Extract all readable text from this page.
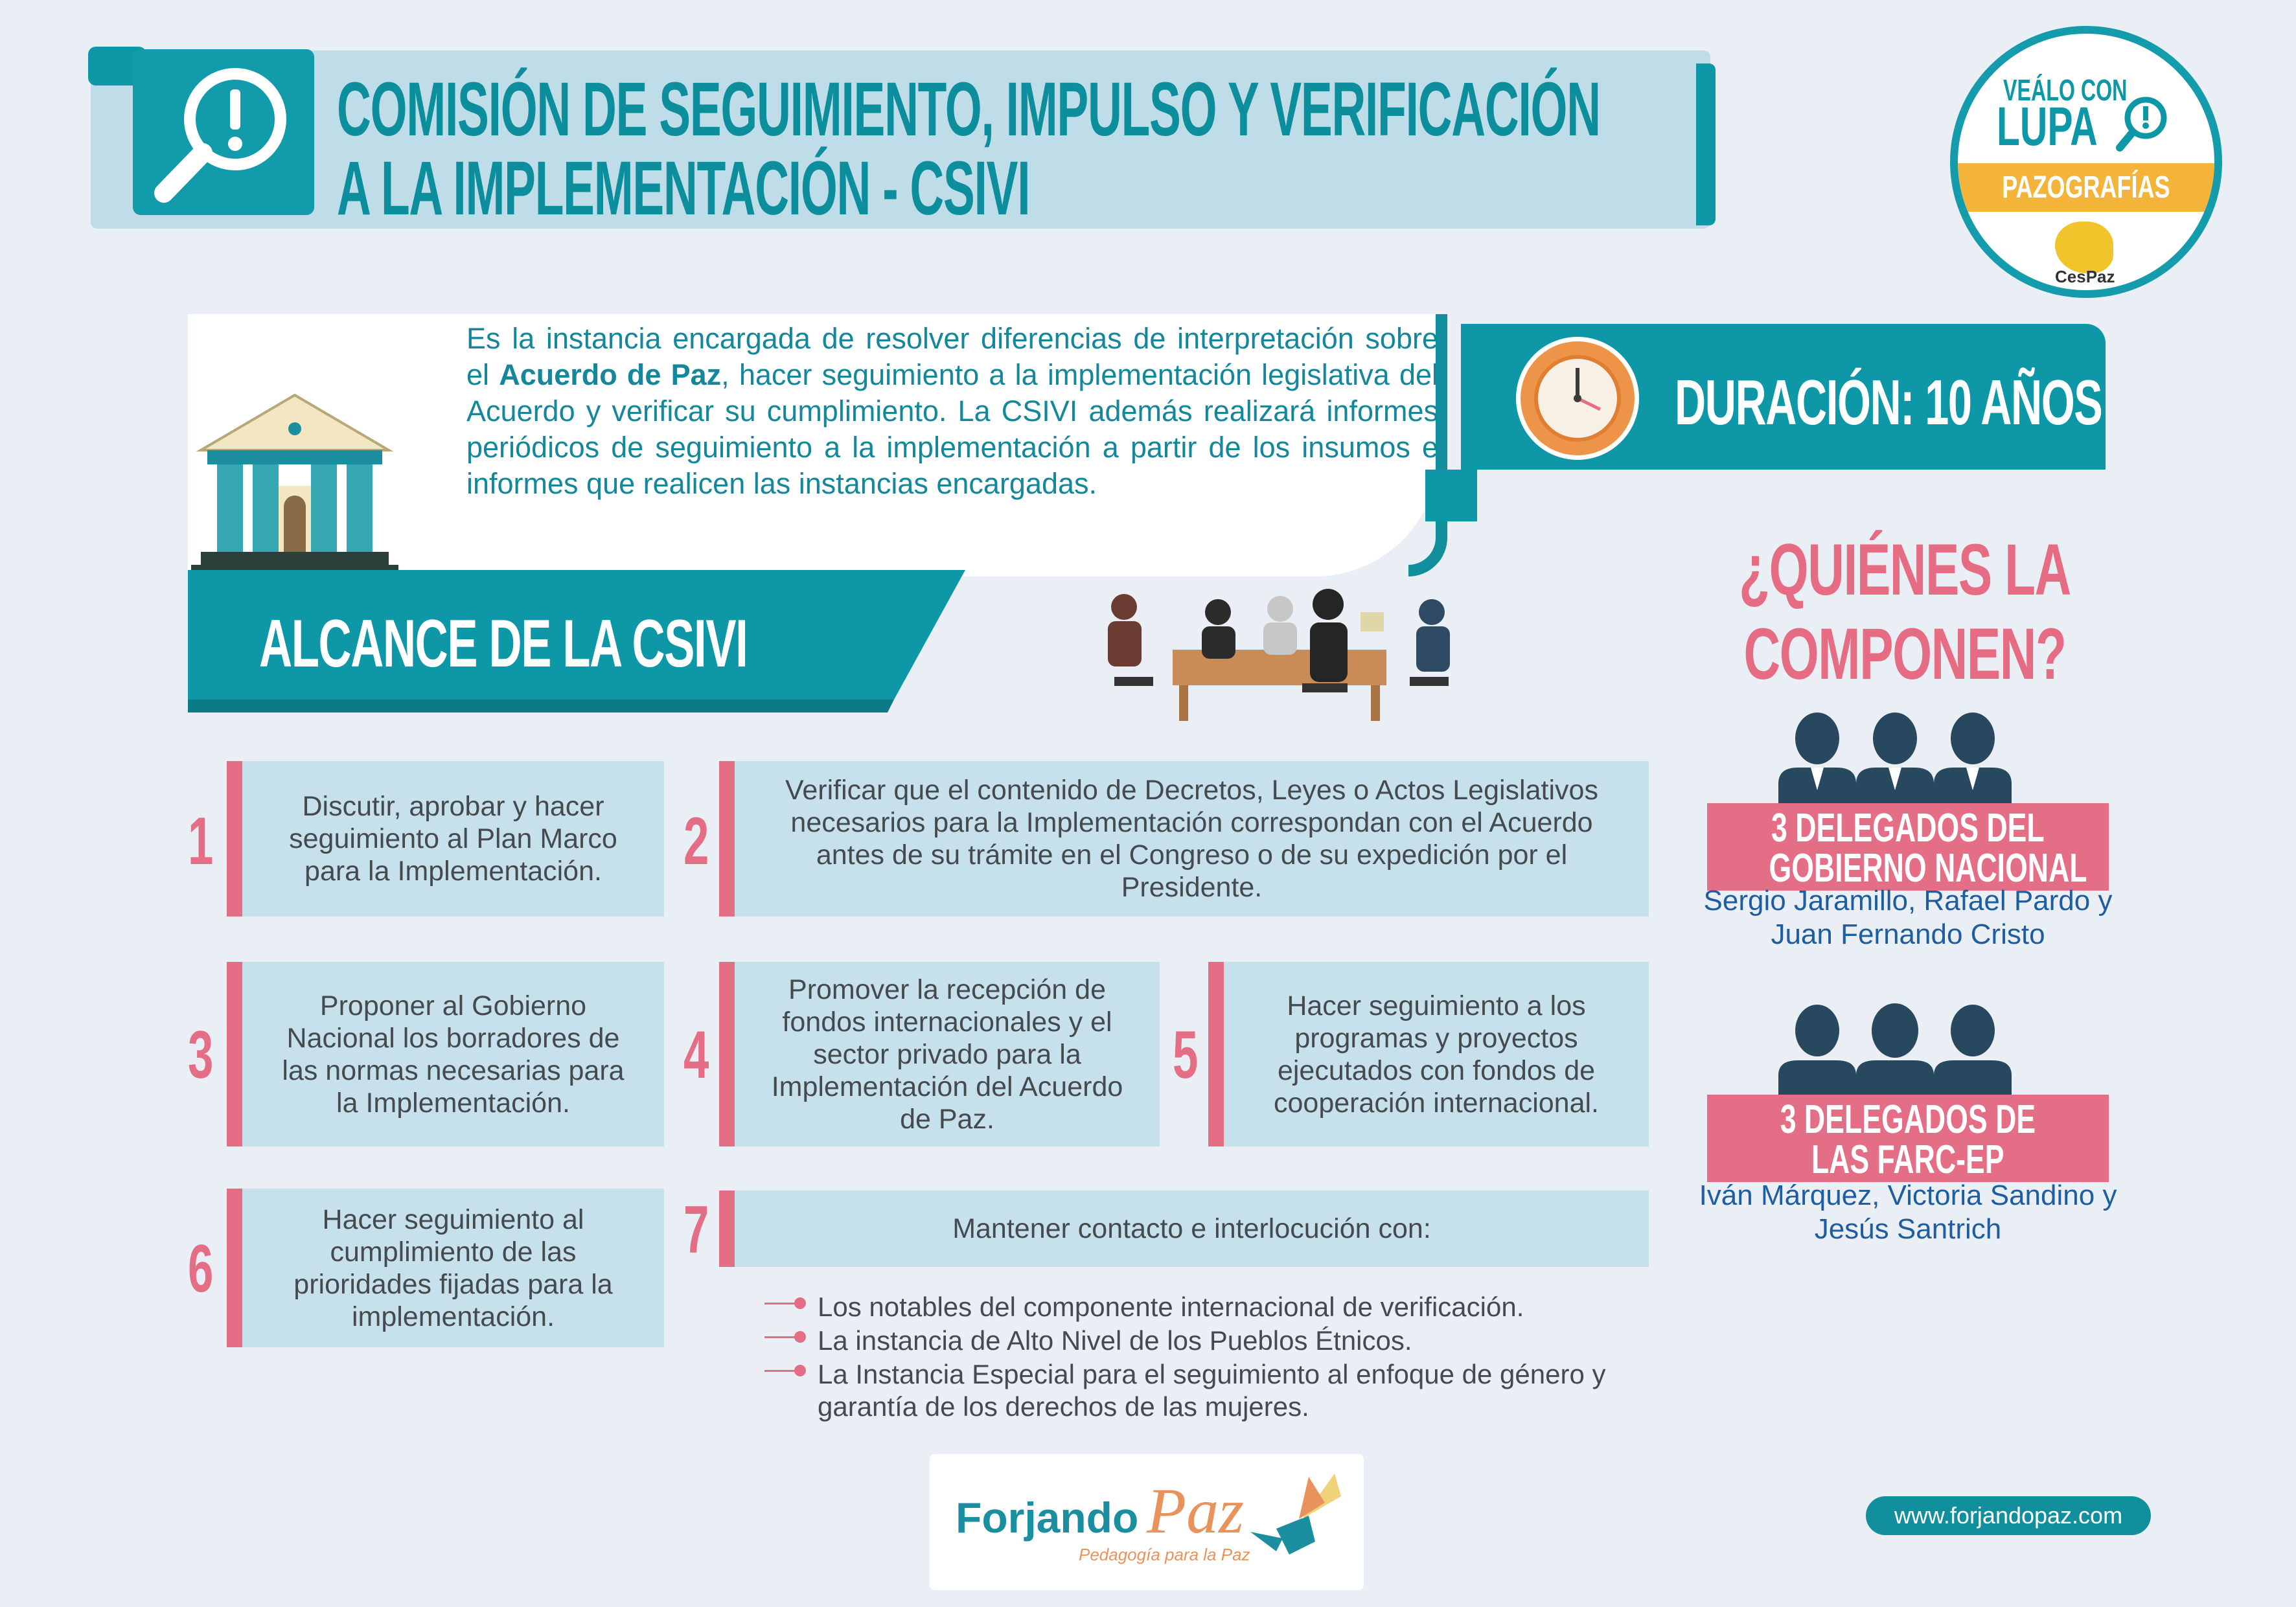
COMISIÓN DE SEGUIMIENTO, IMPULSO Y VERIFICACIÓN
A LA IMPLEMENTACIÓN - CSIVI
VEÁLO CON
LUPA
PAZOGRAFÍAS
CesPaz
Es la instancia encargada de resolver diferencias de interpretación sobre el Acuerdo de Paz, hacer seguimiento a la implementación legislativa del Acuerdo y verificar su cumplimiento. La CSIVI además realizará informes periódicos de seguimiento a la implementación a partir de los insumos e informes que realicen las instancias encargadas.
DURACIÓN: 10 AÑOS
ALCANCE DE LA CSIVI
1	Discutir, aprobar y hacer seguimiento al Plan Marco para la Implementación.	2
Verificar que el contenido de Decretos, Leyes o Actos Legislativos necesarios para la Implementación correspondan con el Acuerdo antes de su trámite en el Congreso o de su expedición por el Presidente.
3
Proponer al Gobierno Nacional los borradores de las normas necesarias para la Implementación.
4
Promover la recepción de fondos internacionales y el sector privado para la Implementación del Acuerdo de Paz.
5
Hacer seguimiento a los programas y proyectos ejecutados con fondos de cooperación internacional.
6
Hacer seguimiento al cumplimiento de las prioridades fijadas para la implementación.
7	Mantener contacto e interlocución con:
Los notables del componente internacional de verificación.
La instancia de Alto Nivel de los Pueblos Étnicos.
La Instancia Especial para el seguimiento al enfoque de género y garantía de los derechos de las mujeres.
¿QUIÉNES LA
COMPONEN?
3 DELEGADOS DEL
GOBIERNO NACIONAL
Sergio Jaramillo, Rafael Pardo y Juan Fernando Cristo
3 DELEGADOS DE
LAS FARC-EP
Iván Márquez, Victoria Sandino y Jesús Santrich
Forjando Paz
Pedagogía para la Paz
www.forjandopaz.com
